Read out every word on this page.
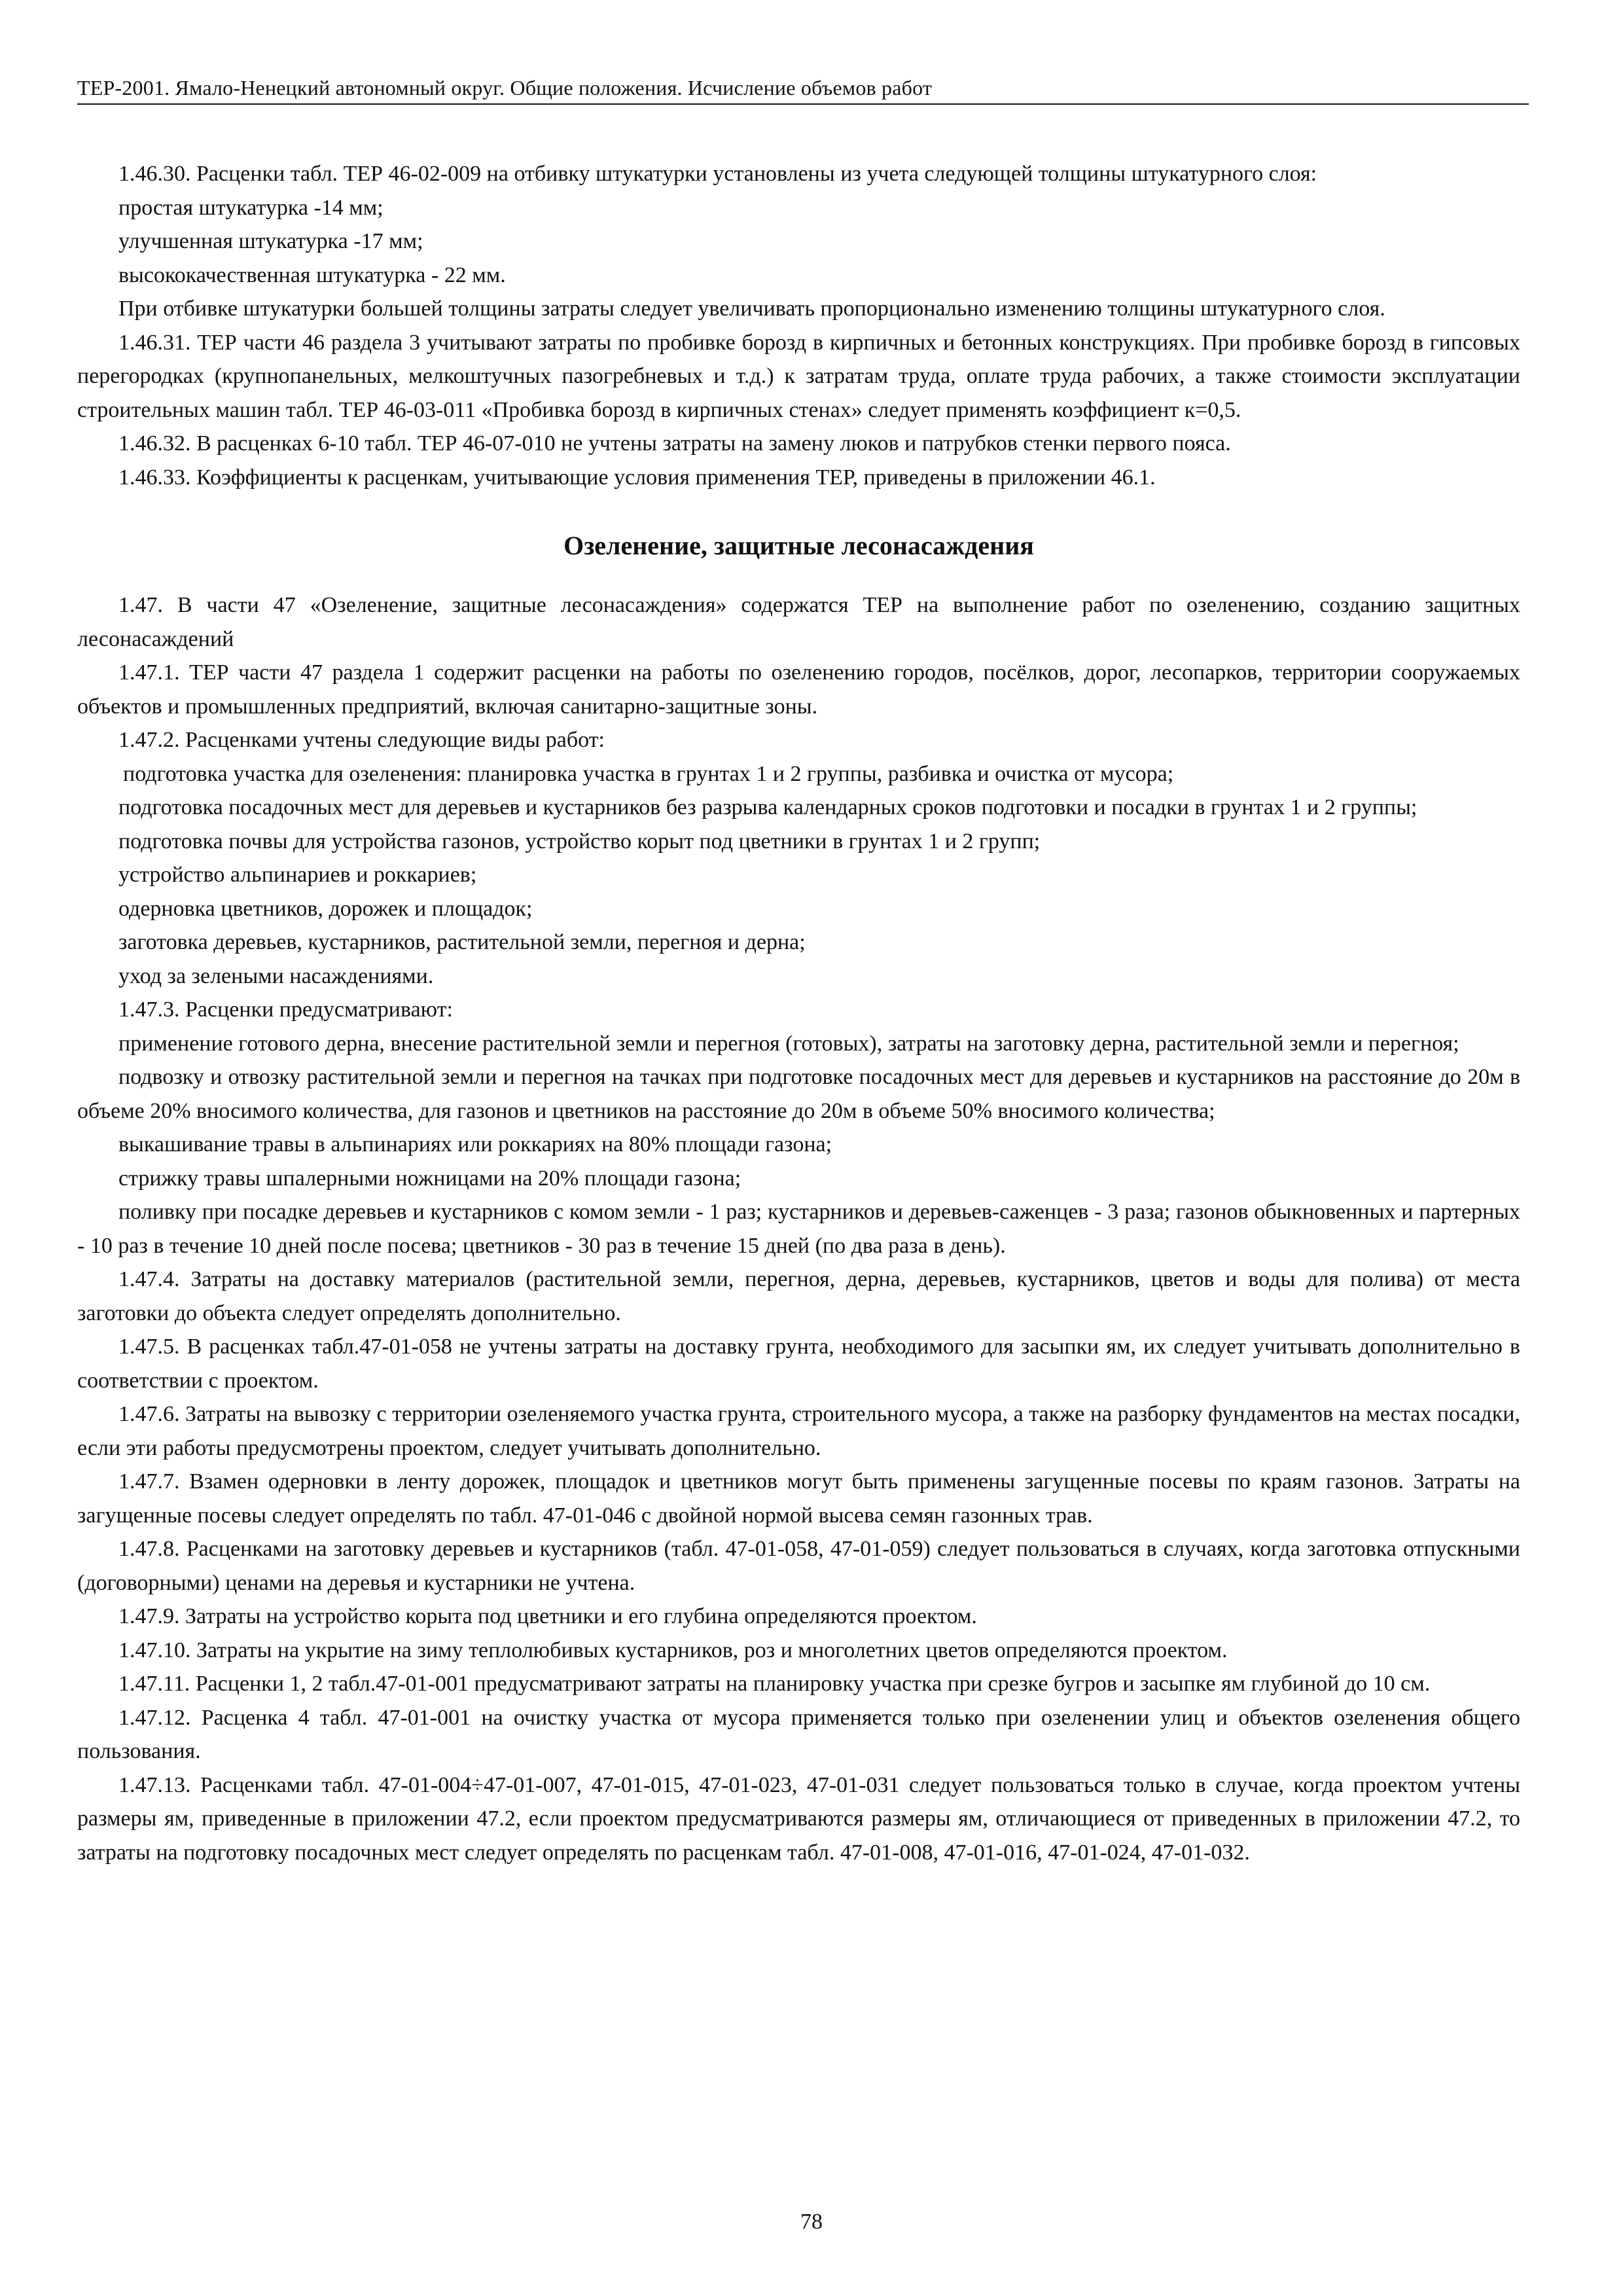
ТЕР-2001. Ямало-Ненецкий автономный округ. Общие положения. Исчисление объемов работ

1.46.30. Расценки табл. ТЕР 46-02-009 на отбивку штукатурки установлены из учета следующей толщины штукатурного слоя:

простая штукатурка -14 мм;

улучшенная штукатурка -17 мм;

высококачественная штукатурка - 22 мм.

При отбивке штукатурки большей толщины затраты следует увеличивать пропорционально изменению толщины штукатурного слоя.

1.46.31. ТЕР части 46 раздела 3 учитывают затраты по пробивке борозд в кирпичных и бетонных конструкциях. При пробивке борозд в гипсовых перегородках (крупнопанельных, мелкоштучных пазогребневых и т.д.) к затратам труда, оплате труда рабочих, а также стоимости эксплуатации строительных машин табл. ТЕР 46-03-011 «Пробивка борозд в кирпичных стенах» следует применять коэффициент к=0,5.

1.46.32. В расценках 6-10 табл. ТЕР 46-07-010 не учтены затраты на замену люков и патрубков стенки первого пояса.

1.46.33. Коэффициенты к расценкам, учитывающие условия применения ТЕР, приведены в приложении 46.1.

Озеленение, защитные лесонасаждения

1.47. В части 47 «Озеленение, защитные лесонасаждения» содержатся ТЕР на выполнение работ по озеленению, созданию защитных лесонасаждений

1.47.1. ТЕР части 47 раздела 1 содержит расценки на работы по озеленению городов, посёлков, дорог, лесопарков, территории сооружаемых объектов и промышленных предприятий, включая санитарно-защитные зоны.

1.47.2. Расценками учтены следующие виды работ:

подготовка участка для озеленения: планировка участка в грунтах 1 и 2 группы, разбивка и очистка от мусора;

подготовка посадочных мест для деревьев и кустарников без разрыва календарных сроков подготовки и посадки в грунтах 1 и 2 группы;

подготовка почвы для устройства газонов, устройство корыт под цветники в грунтах 1 и 2 групп;

устройство альпинариев и роккариев;

одерновка цветников, дорожек и площадок;

заготовка деревьев, кустарников, растительной земли, перегноя и дерна;

уход за зелеными насаждениями.

1.47.3. Расценки предусматривают:

применение готового дерна, внесение растительной земли и перегноя (готовых), затраты на заготовку дерна, растительной земли и перегноя;

подвозку и отвозку растительной земли и перегноя на тачках при подготовке посадочных мест для деревьев и кустарников на расстояние до 20м в объеме 20% вносимого количества, для газонов и цветников на расстояние до 20м в объеме 50% вносимого количества;

выкашивание травы в альпинариях или роккариях на 80% площади газона;

стрижку травы шпалерными ножницами на 20% площади газона;

поливку при посадке деревьев и кустарников с комом земли - 1 раз; кустарников и деревьев-саженцев - 3 раза; газонов обыкновенных и партерных - 10 раз в течение 10 дней после посева; цветников - 30 раз в течение 15 дней (по два раза в день).

1.47.4. Затраты на доставку материалов (растительной земли, перегноя, дерна, деревьев, кустарников, цветов и воды для полива) от места заготовки до объекта следует определять дополнительно.

1.47.5. В расценках табл.47-01-058 не учтены затраты на доставку грунта, необходимого для засыпки ям, их следует учитывать дополнительно в соответствии с проектом.

1.47.6. Затраты на вывозку с территории озеленяемого участка грунта, строительного мусора, а также на разборку фундаментов на местах посадки, если эти работы предусмотрены проектом, следует учитывать дополнительно.

1.47.7. Взамен одерновки в ленту дорожек, площадок и цветников могут быть применены загущенные посевы по краям газонов. Затраты на загущенные посевы следует определять по табл. 47-01-046 с двойной нормой высева семян газонных трав.

1.47.8. Расценками на заготовку деревьев и кустарников (табл. 47-01-058, 47-01-059) следует пользоваться в случаях, когда заготовка отпускными (договорными) ценами на деревья и кустарники не учтена.

1.47.9. Затраты на устройство корыта под цветники и его глубина определяются проектом.

1.47.10. Затраты на укрытие на зиму теплолюбивых кустарников, роз и многолетних цветов определяются проектом.

1.47.11. Расценки 1, 2 табл.47-01-001 предусматривают затраты на планировку участка при срезке бугров и засыпке ям глубиной до 10 см.

1.47.12. Расценка 4 табл. 47-01-001 на очистку участка от мусора применяется только при озеленении улиц и объектов озеленения общего пользования.

1.47.13. Расценками табл. 47-01-004÷47-01-007, 47-01-015, 47-01-023, 47-01-031 следует пользоваться только в случае, когда проектом учтены размеры ям, приведенные в приложении 47.2, если проектом предусматриваются размеры ям, отличающиеся от приведенных в приложении 47.2, то затраты на подготовку посадочных мест следует определять по расценкам табл. 47-01-008, 47-01-016, 47-01-024, 47-01-032.

78
